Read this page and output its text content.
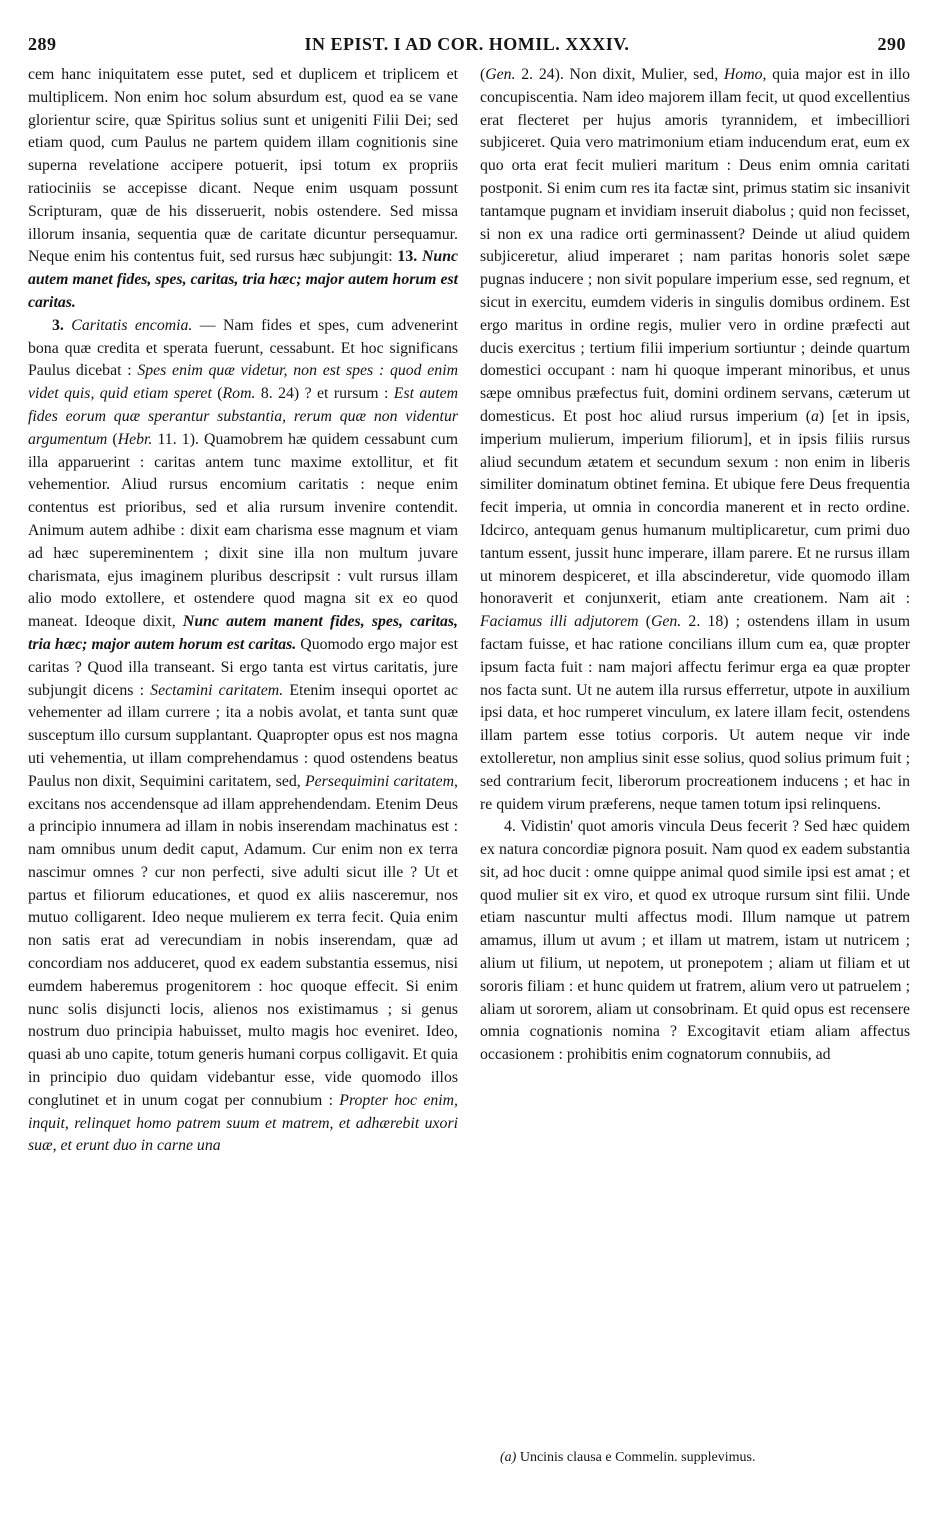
289	IN EPIST. I AD COR. HOMIL. XXXIV.	290

cem hanc iniquitatem esse putet, sed et duplicem et triplicem et multiplicem. Non enim hoc solum absurdum est, quod ea se vane glorientur scire, quæ Spiritus solius sunt et unigeniti Filii Dei; sed etiam quod, cum Paulus ne partem quidem illam cognitionis sine superna revelatione accipere potuerit, ipsi totum ex propriis ratiociniis se accepisse dicant. Neque enim usquam possunt Scripturam, quæ de his disseruerit, nobis ostendere. Sed missa illorum insania, sequentia quæ de caritate dicuntur persequamur. Neque enim his contentus fuit, sed rursus hæc subjungit: 13. Nunc autem manet fides, spes, caritas, tria hæc; major autem horum est caritas.

3. Caritatis encomia. — Nam fides et spes, cum advenerint bona quæ credita et sperata fuerunt, cessabunt. Et hoc significans Paulus dicebat : Spes enim quæ videtur, non est spes : quod enim videt quis, quid etiam speret (Rom. 8. 24) ? et rursum : Est autem fides eorum quæ sperantur substantia, rerum quæ non videntur argumentum (Hebr. 11. 1). Quamobrem hæ quidem cessabunt cum illa apparuerint : caritas antem tunc maxime extollitur, et fit vehementior. Aliud rursus encomium caritatis : neque enim contentus est prioribus, sed et alia rursum invenire contendit. Animum autem adhibe : dixit eam charisma esse magnum et viam ad hæc supereminentem ; dixit sine illa non multum juvare charismata, ejus imaginem pluribus descripsit : vult rursus illam alio modo extollere, et ostendere quod magna sit ex eo quod maneat. Ideoque dixit, Nunc autem manent fides, spes, caritas, tria hæc; major autem horum est caritas. Quomodo ergo major est caritas ? Quod illa transeant. Si ergo tanta est virtus caritatis, jure subjungit dicens : Sectamini caritatem. Etenim insequi oportet ac vehementer ad illam currere ; ita a nobis avolat, et tanta sunt quæ susceptum illo cursum supplantant. Quapropter opus est nos magna uti vehementia, ut illam comprehendamus : quod ostendens beatus Paulus non dixit, Sequimini caritatem, sed, Persequimini caritatem, excitans nos accendensque ad illam apprehendendam. Etenim Deus a principio innumera ad illam in nobis inserendam machinatus est : nam omnibus unum dedit caput, Adamum. Cur enim non ex terra nascimur omnes ? cur non perfecti, sive adulti sicut ille ? Ut et partus et filiorum educationes, et quod ex aliis nasceremur, nos mutuo colligarent. Ideo neque mulierem ex terra fecit. Quia enim non satis erat ad verecundiam in nobis inserendam, quæ ad concordiam nos adduceret, quod ex eadem substantia essemus, nisi eumdem haberemus progenitorem : hoc quoque effecit. Si enim nunc solis disjuncti locis, alienos nos existimamus ; si genus nostrum duo principia habuisset, multo magis hoc eveniret. Ideo, quasi ab uno capite, totum generis humani corpus colligavit. Et quia in principio duo quidam videbantur esse, vide quomodo illos conglutinet et in unum cogat per connubium : Propter hoc enim, inquit, relinquet homo patrem suum et matrem, et adhærebit uxori suæ, et erunt duo in carne una

(Gen. 2. 24). Non dixit, Mulier, sed, Homo, quia major est in illo concupiscentia. Nam ideo majorem illam fecit, ut quod excellentius erat flecteret per hujus amoris tyrannidem, et imbecilliori subjiceret. Quia vero matrimonium etiam inducendum erat, eum ex quo orta erat fecit mulieri maritum : Deus enim omnia caritati postponit. Si enim cum res ita factæ sint, primus statim sic insanivit tantamque pugnam et invidiam inseruit diabolus ; quid non fecisset, si non ex una radice orti germinassent? Deinde ut aliud quidem subjiceretur, aliud imperaret ; nam paritas honoris solet sæpe pugnas inducere ; non sivit populare imperium esse, sed regnum, et sicut in exercitu, eumdem videris in singulis domibus ordinem. Est ergo maritus in ordine regis, mulier vero in ordine præfecti aut ducis exercitus ; tertium filii imperium sortiuntur ; deinde quartum domestici occupant : nam hi quoque imperant minoribus, et unus sæpe omnibus præfectus fuit, domini ordinem servans, cæterum ut domesticus. Et post hoc aliud rursus imperium (a) [et in ipsis, imperium mulierum, imperium filiorum], et in ipsis filiis rursus aliud secundum ætatem et secundum sexum : non enim in liberis similiter dominatum obtinet femina. Et ubique fere Deus frequentia fecit imperia, ut omnia in concordia manerent et in recto ordine. Idcirco, antequam genus humanum multiplicaretur, cum primi duo tantum essent, jussit hunc imperare, illam parere. Et ne rursus illam ut minorem despiceret, et illa abscinderetur, vide quomodo illam honoraverit et conjunxerit, etiam ante creationem. Nam ait : Faciamus illi adjutorem (Gen. 2. 18) ; ostendens illam in usum factam fuisse, et hac ratione concilians illum cum ea, quæ propter ipsum facta fuit : nam majori affectu ferimur erga ea quæ propter nos facta sunt. Ut ne autem illa rursus efferretur, utpote in auxilium ipsi data, et hoc rumperet vinculum, ex latere illam fecit, ostendens illam partem esse totius corporis. Ut autem neque vir inde extolleretur, non amplius sinit esse solius, quod solius primum fuit ; sed contrarium fecit, liberorum procreationem inducens ; et hac in re quidem virum præferens, neque tamen totum ipsi relinquens.

4. Vidistin' quot amoris vincula Deus fecerit ? Sed hæc quidem ex natura concordiæ pignora posuit. Nam quod ex eadem substantia sit, ad hoc ducit : omne quippe animal quod simile ipsi est amat ; et quod mulier sit ex viro, et quod ex utroque rursum sint filii. Unde etiam nascuntur multi affectus modi. Illum namque ut patrem amamus, illum ut avum ; et illam ut matrem, istam ut nutricem ; alium ut filium, ut nepotem, ut pronepotem ; aliam ut filiam et ut sororis filiam : et hunc quidem ut fratrem, alium vero ut patruelem ; aliam ut sororem, aliam ut consobrinam. Et quid opus est recensere omnia cognationis nomina ? Excogitavit etiam aliam affectus occasionem : prohibitis enim cognatorum connubiis, ad

(a) Uncinis clausa e Commelin. supplevimus.
